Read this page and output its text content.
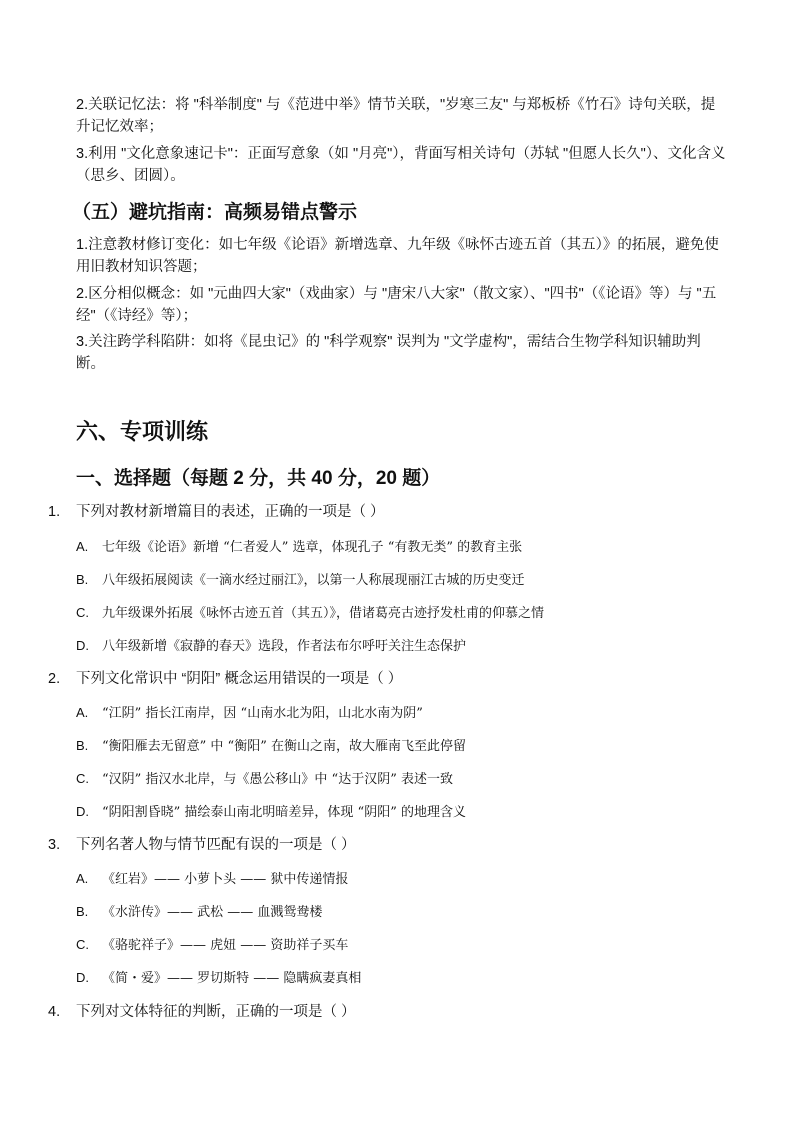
2.关联记忆法：将 "科举制度" 与《范进中举》情节关联，"岁寒三友" 与郑板桥《竹石》诗句关联，提升记忆效率；
3.利用 "文化意象速记卡"：正面写意象（如 "月亮"），背面写相关诗句（苏轼 "但愿人长久"）、文化含义（思乡、团圆）。
（五）避坑指南：高频易错点警示
1.注意教材修订变化：如七年级《论语》新增选章、九年级《咏怀古迹五首（其五）》的拓展，避免使用旧教材知识答题；
2.区分相似概念：如 "元曲四大家"（戏曲家）与 "唐宋八大家"（散文家）、"四书"（《论语》等）与 "五经"（《诗经》等）；
3.关注跨学科陷阱：如将《昆虫记》的 "科学观察" 误判为 "文学虚构"，需结合生物学科知识辅助判断。
六、专项训练
一、选择题（每题 2 分，共 40 分，20 题）
1. 下列对教材新增篇目的表述，正确的一项是（ ）
A. 七年级《论语》新增 “仁者爱人” 选章，体现孔子 “有教无类” 的教育主张
B. 八年级拓展阅读《一滴水经过丽江》，以第一人称展现丽江古城的历史变迁
C. 九年级课外拓展《咏怀古迹五首（其五）》，借诸葛亮古迹抒发杜甫的仰慕之情
D. 八年级新增《寂静的春天》选段，作者法布尔呼吁关注生态保护
2. 下列文化常识中 “阴阳” 概念运用错误的一项是（ ）
A. “江阴” 指长江南岸，因 “山南水北为阳，山北水南为阴”
B. “衡阳雁去无留意” 中 “衡阳” 在衡山之南，故大雁南飞至此停留
C. “汉阴” 指汉水北岸，与《愚公移山》中 “达于汉阴” 表述一致
D. “阴阳割昏晓” 描绘泰山南北明暗差异，体现 “阴阳” 的地理含义
3. 下列名著人物与情节匹配有误的一项是（ ）
A. 《红岩》—— 小萝卜头 —— 狱中传递情报
B. 《水浒传》—— 武松 —— 血溅鸳鸯楼
C. 《骆驼祥子》—— 虎妞 —— 资助祥子买车
D. 《简・爱》—— 罗切斯特 —— 隐瞒疯妻真相
4. 下列对文体特征的判断，正确的一项是（ ）
